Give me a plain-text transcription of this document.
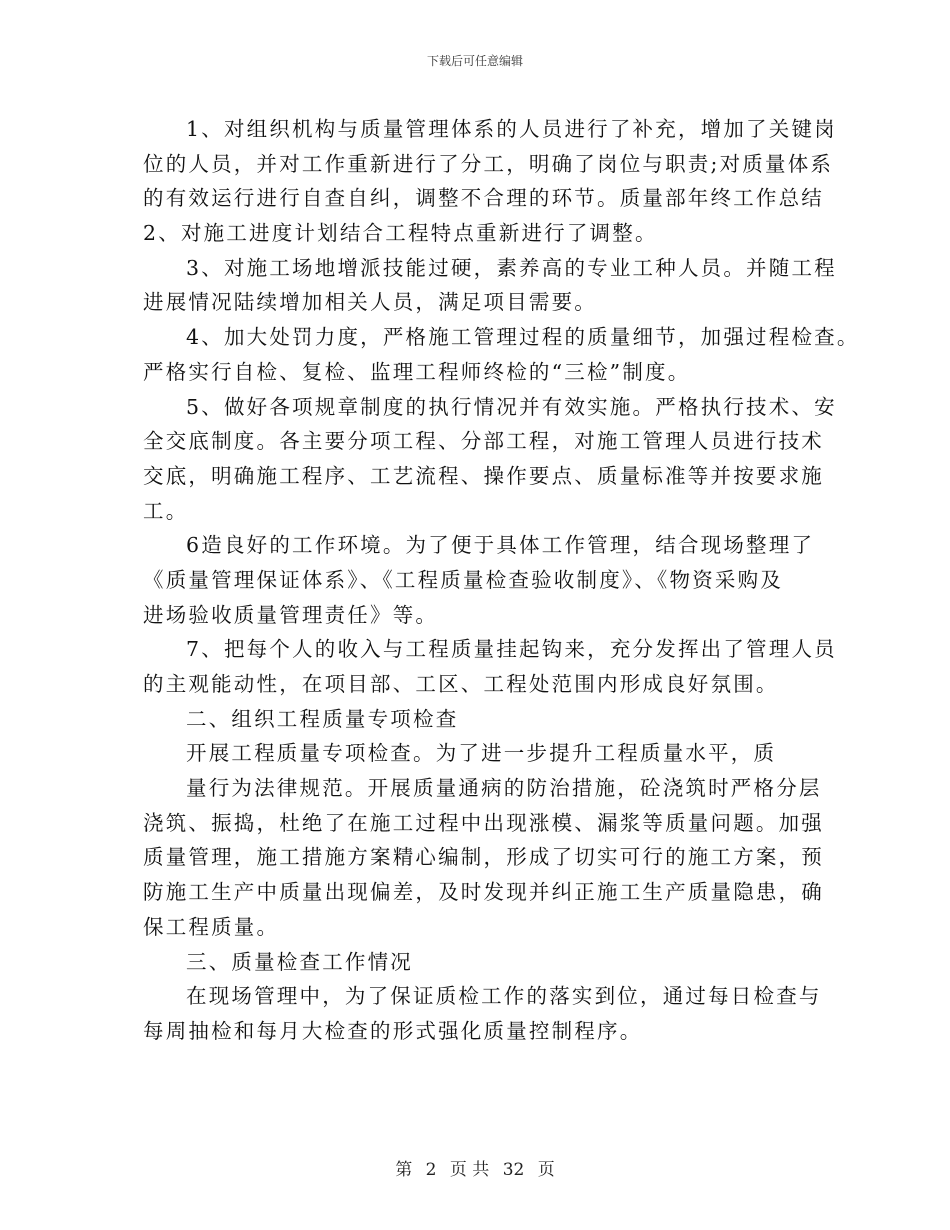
下载后可任意编辑
1、对组织机构与质量管理体系的人员进行了补充，增加了关键岗
位的人员，并对工作重新进行了分工，明确了岗位与职责;对质量体系
的有效运行进行自查自纠，调整不合理的环节。质量部年终工作总结
2、对施工进度计划结合工程特点重新进行了调整。
3、对施工场地增派技能过硬，素养高的专业工种人员。并随工程
进展情况陆续增加相关人员，满足项目需要。
4、加大处罚力度，严格施工管理过程的质量细节，加强过程检查。
严格实行自检、复检、监理工程师终检的“三检”制度。
5、做好各项规章制度的执行情况并有效实施。严格执行技术、安
全交底制度。各主要分项工程、分部工程，对施工管理人员进行技术
交底，明确施工程序、工艺流程、操作要点、质量标准等并按要求施
工。
6造良好的工作环境。为了便于具体工作管理，结合现场整理了
《质量管理保证体系》、《工程质量检查验收制度》、《物资采购及
进场验收质量管理责任》等。
7、把每个人的收入与工程质量挂起钩来，充分发挥出了管理人员
的主观能动性，在项目部、工区、工程处范围内形成良好氛围。
二、组织工程质量专项检查
开展工程质量专项检查。为了进一步提升工程质量水平，质
量行为法律规范。开展质量通病的防治措施，砼浇筑时严格分层
浇筑、振捣，杜绝了在施工过程中出现涨模、漏浆等质量问题。加强
质量管理，施工措施方案精心编制，形成了切实可行的施工方案，预
防施工生产中质量出现偏差，及时发现并纠正施工生产质量隐患，确
保工程质量。
三、质量检查工作情况
在现场管理中，为了保证质检工作的落实到位，通过每日检查与
每周抽检和每月大检查的形式强化质量控制程序。
第 2 页 共 32 页
